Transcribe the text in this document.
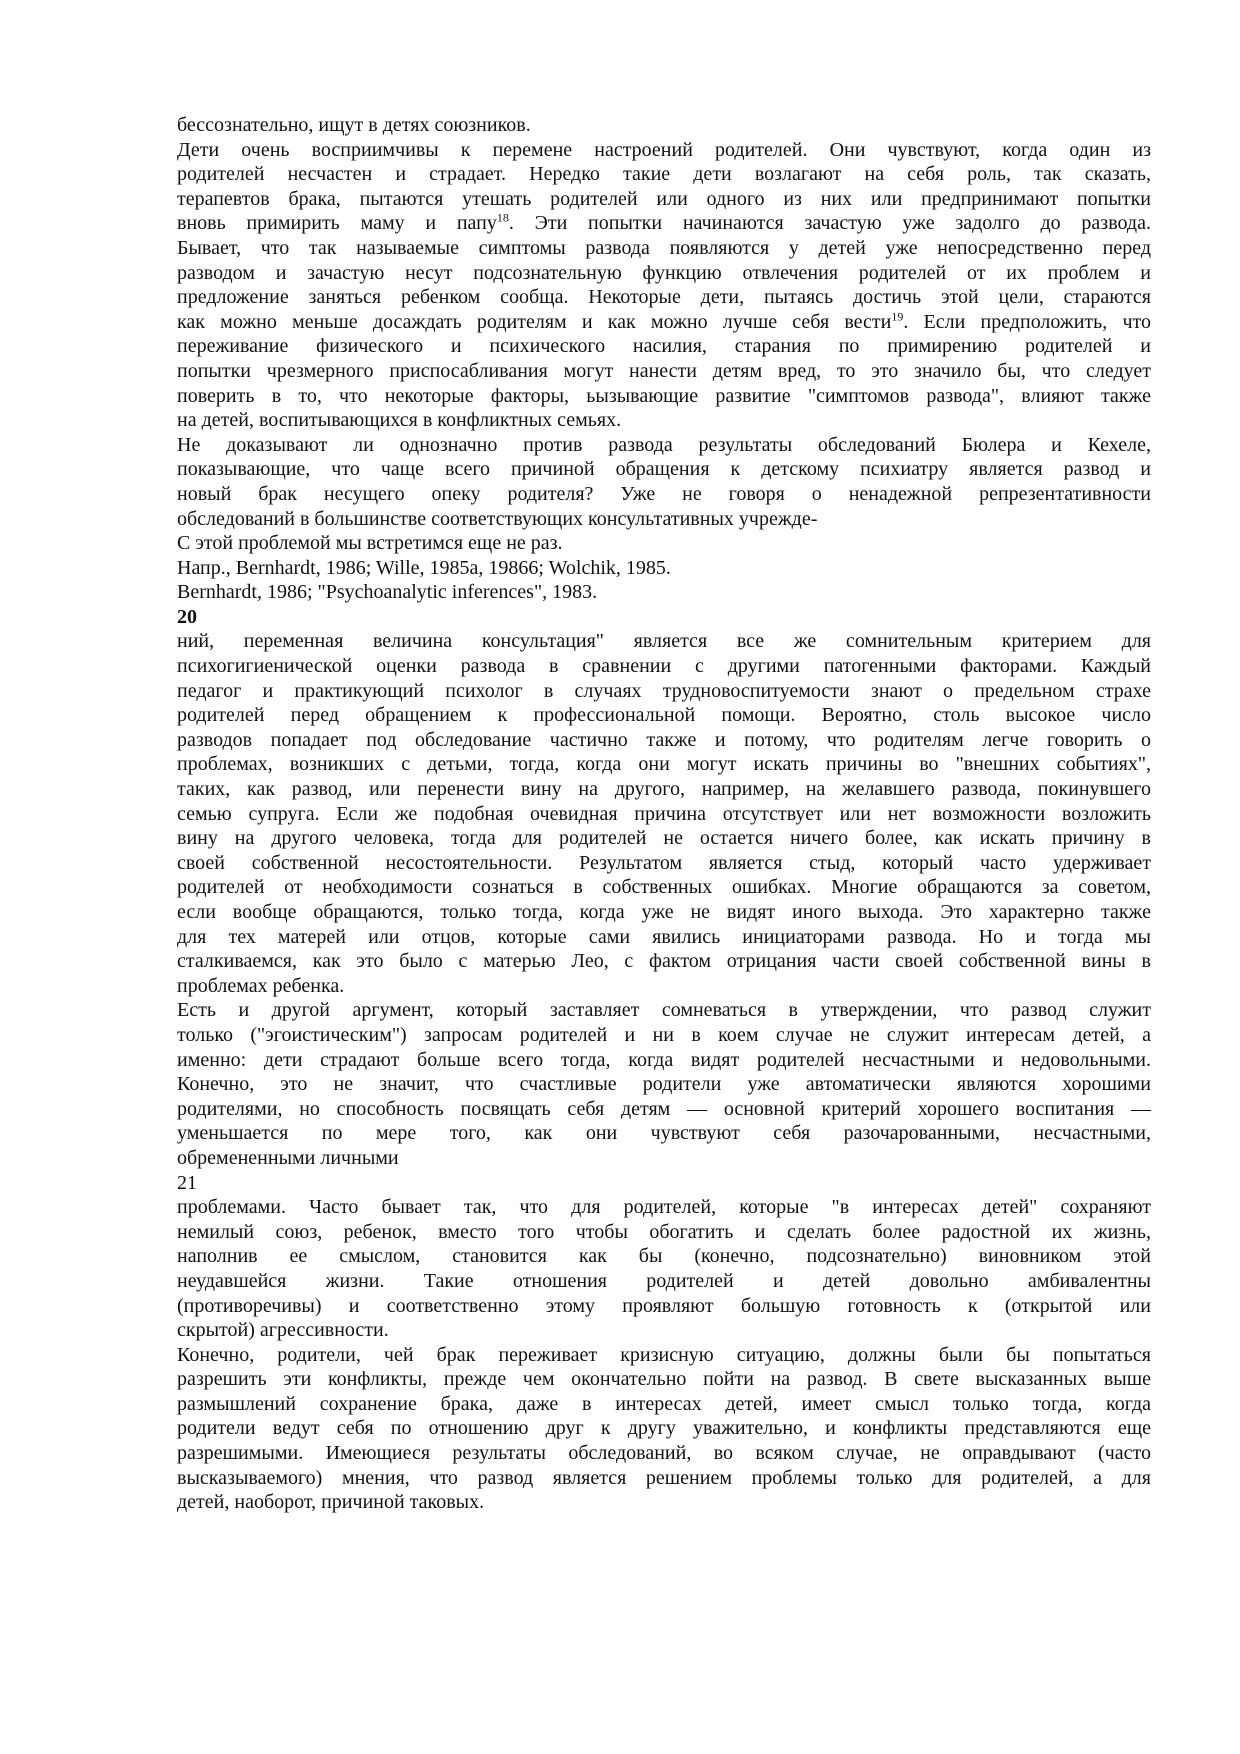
бессознательно, ищут в детях союзников.
Дети очень восприимчивы к перемене настроений родителей. Они чувствуют, когда один из
родителей несчастен и страдает. Нередко такие дети возлагают на себя роль, так сказать,
терапевтов брака, пытаются утешать родителей или одного из них или предпринимают попытки
вновь примирить маму и папу$^{18}$. Эти попытки начинаются зачастую уже задолго до развода.
Бывает, что так называемые симптомы развода появляются у детей уже непосредственно перед
разводом и зачастую несут подсознательную функцию отвлечения родителей от их проблем и
предложение заняться ребенком сообща. Некоторые дети, пытаясь достичь этой цели, стараются
как можно меньше досаждать родителям и как можно лучше себя вести$^{19}$. Если предположить, что
переживание физического и психического насилия, старания по примирению родителей и
попытки чрезмерного приспосабливания могут нанести детям вред, то это значило бы, что следует
поверить в то, что некоторые факторы, ьызывающие развитие "симптомов развода", влияют также
на детей, воспитывающихся в конфликтных семьях.
Не доказывают ли однозначно против развода результаты обследований Бюлера и Кехеле,
показывающие, что чаще всего причиной обращения к детскому психиатру является развод и
новый брак несущего опеку родителя? Уже не говоря о ненадежной репрезентативности
обследований в большинстве соответствующих консультативных учрежде-
С этой проблемой мы встретимся еще не раз.
Напр., Bernhardt, 1986; Wille, 1985a, 19866; Wolchik, 1985.
Bernhardt, 1986; "Psychoanalytic inferences", 1983.
20
ний, переменная величина консультация" является все же сомнительным критерием для
психогигиенической оценки развода в сравнении с другими патогенными факторами. Каждый
педагог и практикующий психолог в случаях трудновоспитуемости знают о предельном страхе
родителей перед обращением к профессиональной помощи. Вероятно, столь высокое число
разводов попадает под обследование частично также и потому, что родителям легче говорить о
проблемах, возникших с детьми, тогда, когда они могут искать причины во "внешних событиях",
таких, как развод, или перенести вину на другого, например, на желавшего развода, покинувшего
семью супруга. Если же подобная очевидная причина отсутствует или нет возможности возложить
вину на другого человека, тогда для родителей не остается ничего более, как искать причину в
своей собственной несостоятельности. Результатом является стыд, который часто удерживает
родителей от необходимости сознаться в собственных ошибках. Многие обращаются за советом,
если вообще обращаются, только тогда, когда уже не видят иного выхода. Это характерно также
для тех матерей или отцов, которые сами явились инициаторами развода. Но и тогда мы
сталкиваемся, как это было с матерью Лео, с фактом отрицания части своей собственной вины в
проблемах ребенка.
Есть и другой аргумент, который заставляет сомневаться в утверждении, что развод служит
только ("эгоистическим") запросам родителей и ни в коем случае не служит интересам детей, а
именно: дети страдают больше всего тогда, когда видят родителей несчастными и недовольными.
Конечно, это не значит, что счастливые родители уже автоматически являются хорошими
родителями, но способность посвящать себя детям — основной критерий хорошего воспитания —
уменьшается по мере того, как они чувствуют себя разочарованными, несчастными,
обремененными личными
21
проблемами. Часто бывает так, что для родителей, которые "в интересах детей" сохраняют
немилый союз, ребенок, вместо того чтобы обогатить и сделать более радостной их жизнь,
наполнив ее смыслом, становится как бы (конечно, подсознательно) виновником этой
неудавшейся жизни. Такие отношения родителей и детей довольно амбивалентны
(противоречивы) и соответственно этому проявляют большую готовность к (открытой или
скрытой) агрессивности.
Конечно, родители, чей брак переживает кризисную ситуацию, должны были бы попытаться
разрешить эти конфликты, прежде чем окончательно пойти на развод. В свете высказанных выше
размышлений сохранение брака, даже в интересах детей, имеет смысл только тогда, когда
родители ведут себя по отношению друг к другу уважительно, и конфликты представляются еще
разрешимыми. Имеющиеся результаты обследований, во всяком случае, не оправдывают (часто
высказываемого) мнения, что развод является решением проблемы только для родителей, а для
детей, наоборот, причиной таковых.
